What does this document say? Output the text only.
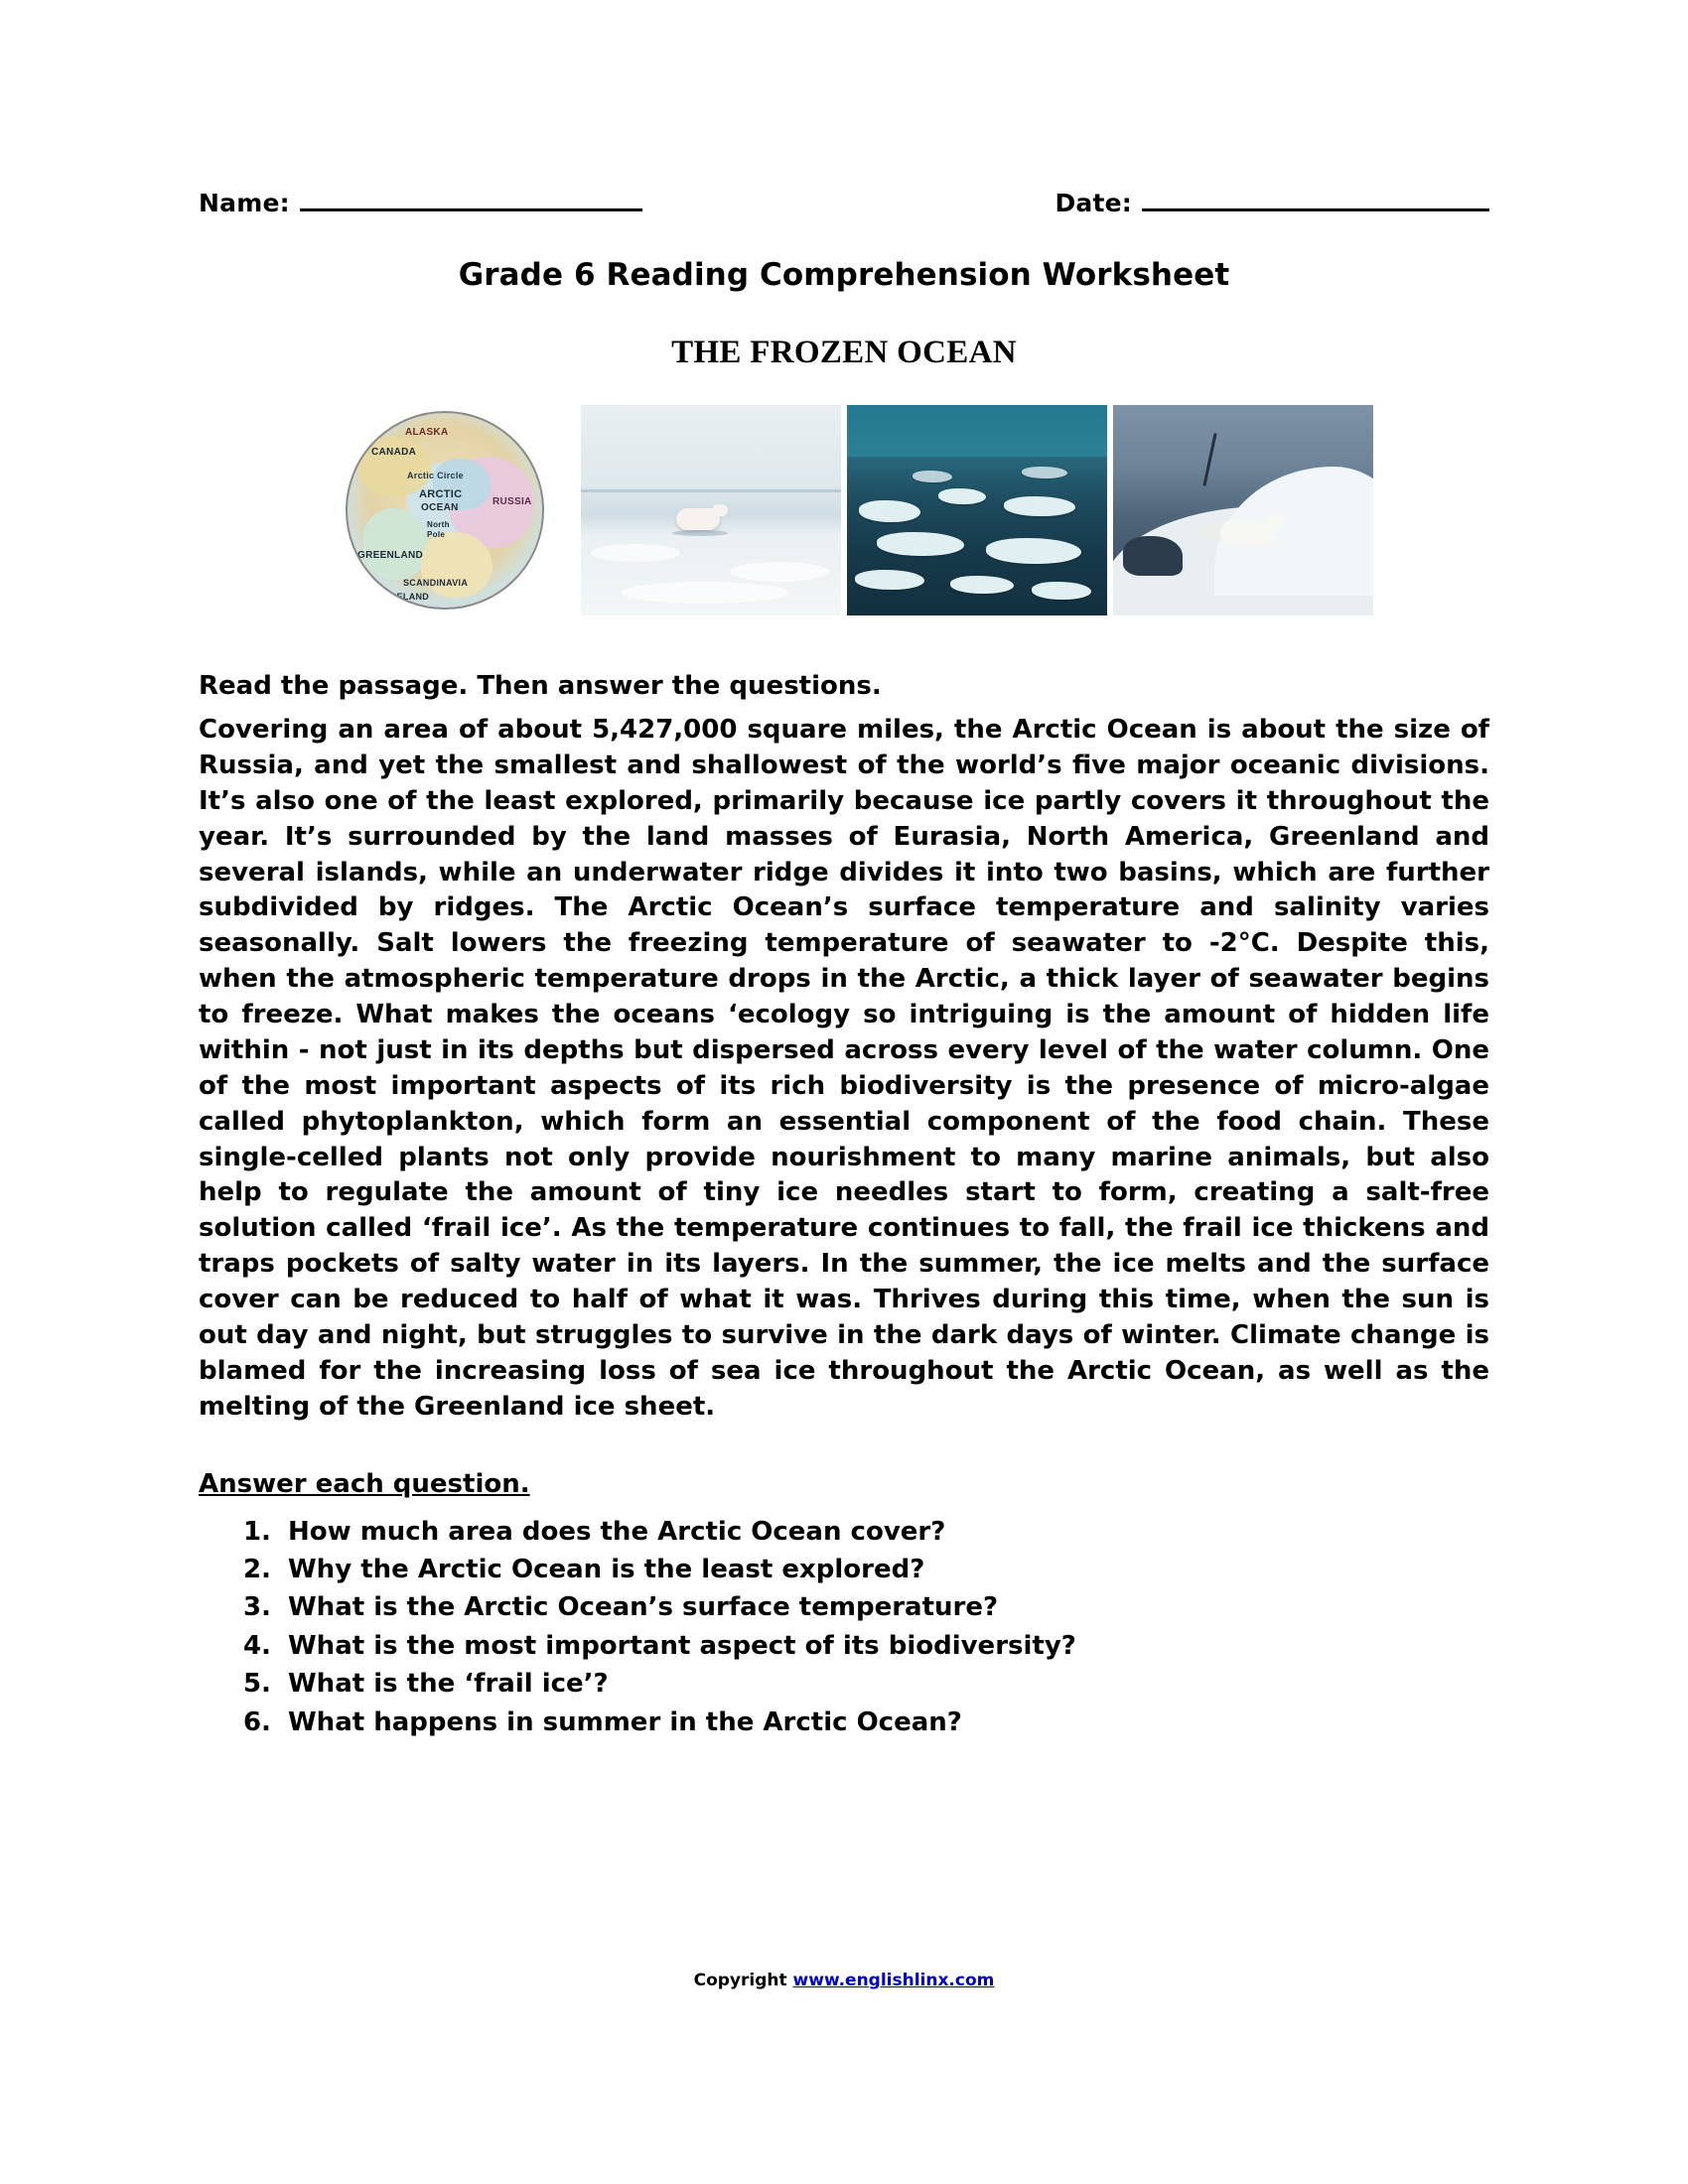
Name:	Date:
Grade 6 Reading Comprehension Worksheet
THE FROZEN OCEAN
ALASKA
CANADA
Arctic Circle
ARCTIC
OCEAN
RUSSIA
North
Pole
GREENLAND
SCANDINAVIA
ICELAND
Read the passage. Then answer the questions.
Covering an area of about 5,427,000 square miles, the Arctic Ocean is about the size of Russia, and yet the smallest and shallowest of the world’s five major oceanic divisions. It’s also one of the least explored, primarily because ice partly covers it throughout the year. It’s surrounded by the land masses of Eurasia, North America, Greenland and several islands, while an underwater ridge divides it into two basins, which are further subdivided by ridges. The Arctic Ocean’s surface temperature and salinity varies seasonally. Salt lowers the freezing temperature of seawater to -2°C. Despite this, when the atmospheric temperature drops in the Arctic, a thick layer of seawater begins to freeze. What makes the oceans ‘ecology so intriguing is the amount of hidden life within - not just in its depths but dispersed across every level of the water column. One of the most important aspects of its rich biodiversity is the presence of micro-algae called phytoplankton, which form an essential component of the food chain. These single-celled plants not only provide nourishment to many marine animals, but also help to regulate the amount of tiny ice needles start to form, creating a salt-free solution called ‘frail ice’. As the temperature continues to fall, the frail ice thickens and traps pockets of salty water in its layers. In the summer, the ice melts and the surface cover can be reduced to half of what it was. Thrives during this time, when the sun is out day and night, but struggles to survive in the dark days of winter. Climate change is blamed for the increasing loss of sea ice throughout the Arctic Ocean, as well as the melting of the Greenland ice sheet.
Answer each question.
1. How much area does the Arctic Ocean cover?
2. Why the Arctic Ocean is the least explored?
3. What is the Arctic Ocean’s surface temperature?
4. What is the most important aspect of its biodiversity?
5. What is the ‘frail ice’?
6. What happens in summer in the Arctic Ocean?
Copyright www.englishlinx.com
